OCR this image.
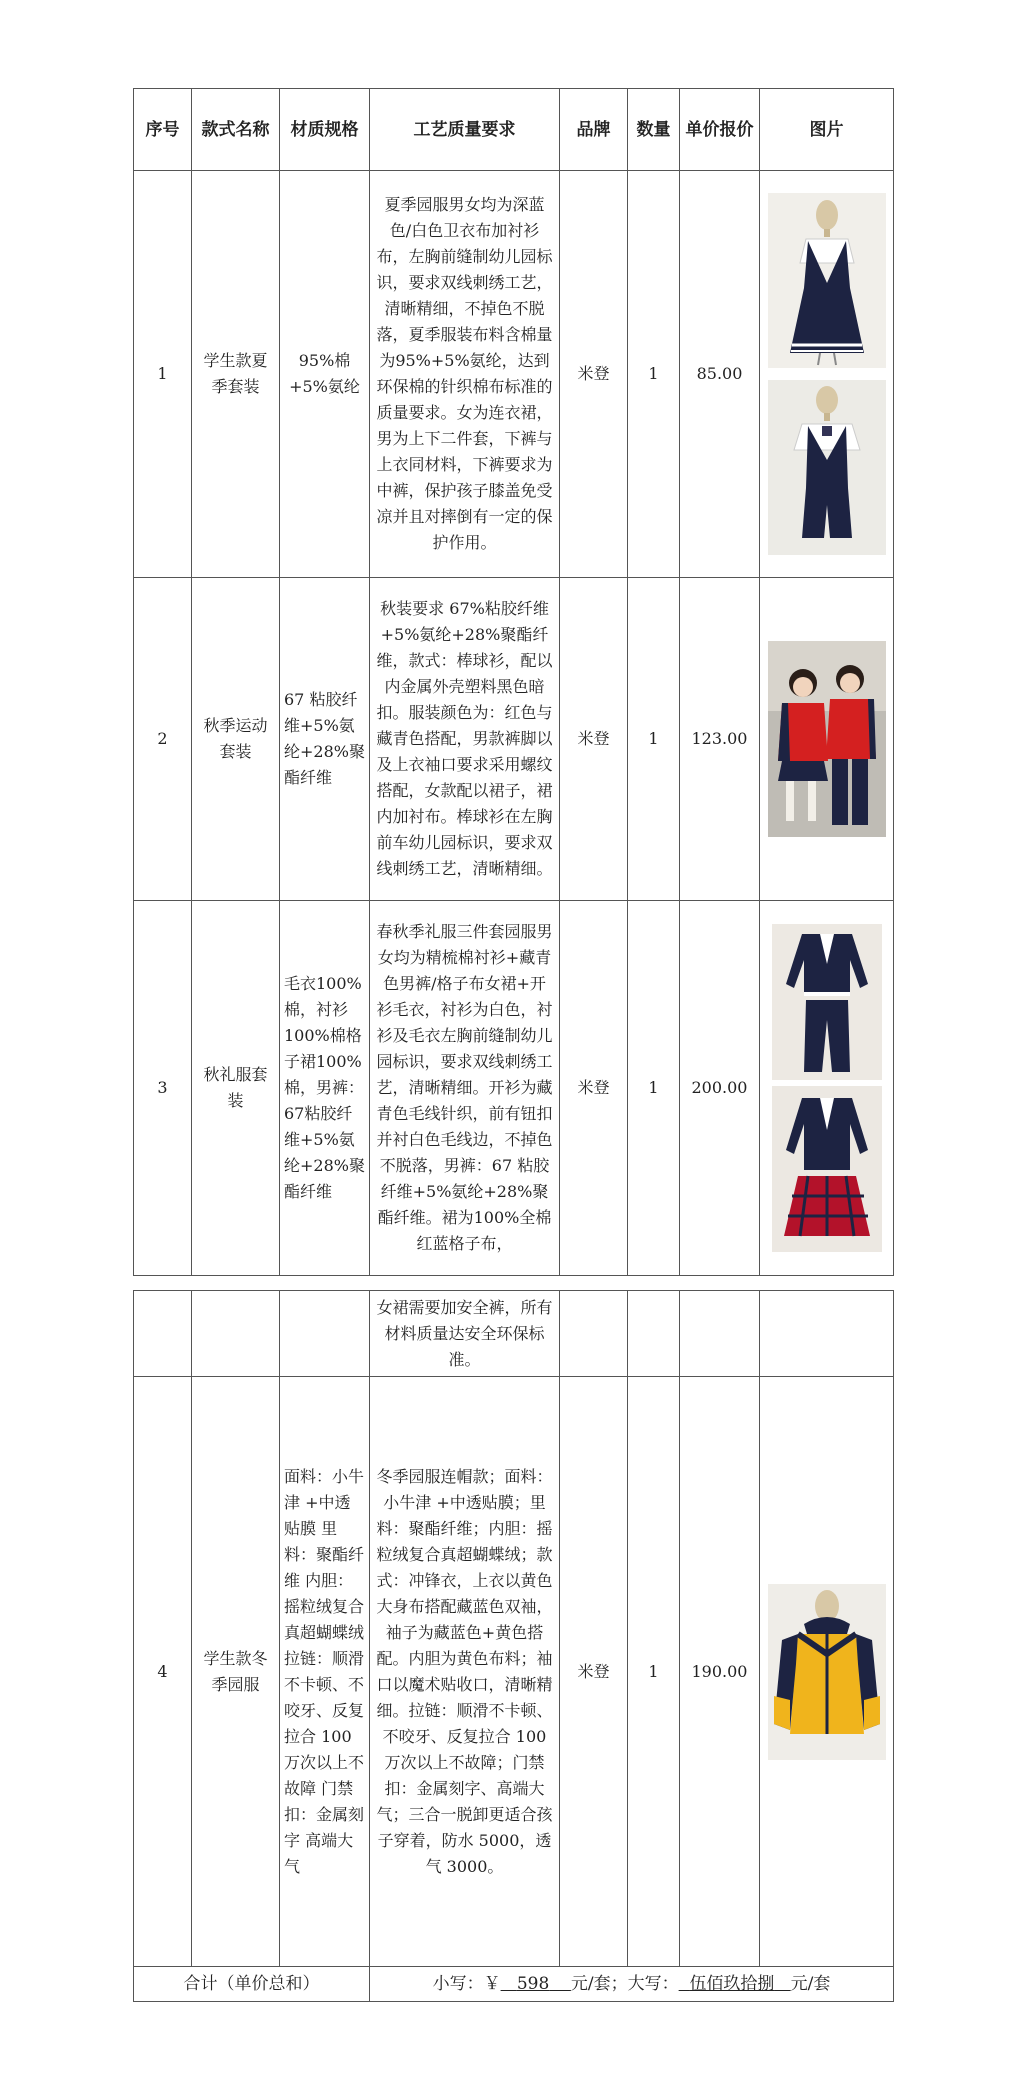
序号	款式名称	材质规格	工艺质量要求	品牌	数量	单价报价	图片
1	学生款夏季套装	95%棉+5%氨纶	夏季园服男女均为深蓝色/白色卫衣布加衬衫布，左胸前缝制幼儿园标识，要求双线刺绣工艺，清晰精细，不掉色不脱落，夏季服装布料含棉量为95%+5%氨纶，达到环保棉的针织棉布标准的质量要求。女为连衣裙，男为上下二件套，下裤与上衣同材料，下裤要求为中裤，保护孩子膝盖免受凉并且对摔倒有一定的保护作用。	米登	1	85.00	

2	秋季运动套装	67 粘胶纤维+5%氨纶+28%聚酯纤维	秋装要求 67%粘胶纤维+5%氨纶+28%聚酯纤维，款式：棒球衫，配以内金属外壳塑料黑色暗扣。服装颜色为：红色与藏青色搭配，男款裤脚以及上衣袖口要求采用螺纹搭配，女款配以裙子，裙内加衬布。棒球衫在左胸前车幼儿园标识，要求双线刺绣工艺，清晰精细。	米登	1	123.00	

3	秋礼服套装	毛衣100%棉，衬衫100%棉格子裙100%棉，男裤：67粘胶纤维+5%氨纶+28%聚酯纤维	春秋季礼服三件套园服男女均为精梳棉衬衫+藏青色男裤/格子布女裙+开衫毛衣，衬衫为白色，衬衫及毛衣左胸前缝制幼儿园标识，要求双线刺绣工艺，清晰精细。开衫为藏青色毛线针织，前有钮扣并衬白色毛线边，不掉色不脱落，男裤：67 粘胶纤维+5%氨纶+28%聚酯纤维。裙为100%全棉红蓝格子布，	米登	1	200.00	
			女裙需要加安全裤，所有材料质量达安全环保标准。				
4	学生款冬季园服	面料：小牛津 +中透贴膜 里料：聚酯纤维 内胆：摇粒绒复合真超蝴蝶绒 拉链：顺滑不卡顿、不咬牙、反复拉合 100 万次以上不故障 门禁扣：金属刻字 高端大气	冬季园服连帽款；面料：小牛津 +中透贴膜；里料：聚酯纤维；内胆：摇粒绒复合真超蝴蝶绒；款式：冲锋衣，上衣以黄色大身布搭配藏蓝色双袖，袖子为藏蓝色+黄色搭配。内胆为黄色布料；袖口以魔术贴收口，清晰精细。拉链：顺滑不卡顿、不咬牙、反复拉合 100 万次以上不故障；门禁扣：金属刻字、高端大气；三合一脱卸更适合孩子穿着，防水 5000，透气 3000。	米登	1	190.00	

合计（单价总和）			小写：￥ 598 元/套；大写： 伍佰玖拾捌 元/套				
